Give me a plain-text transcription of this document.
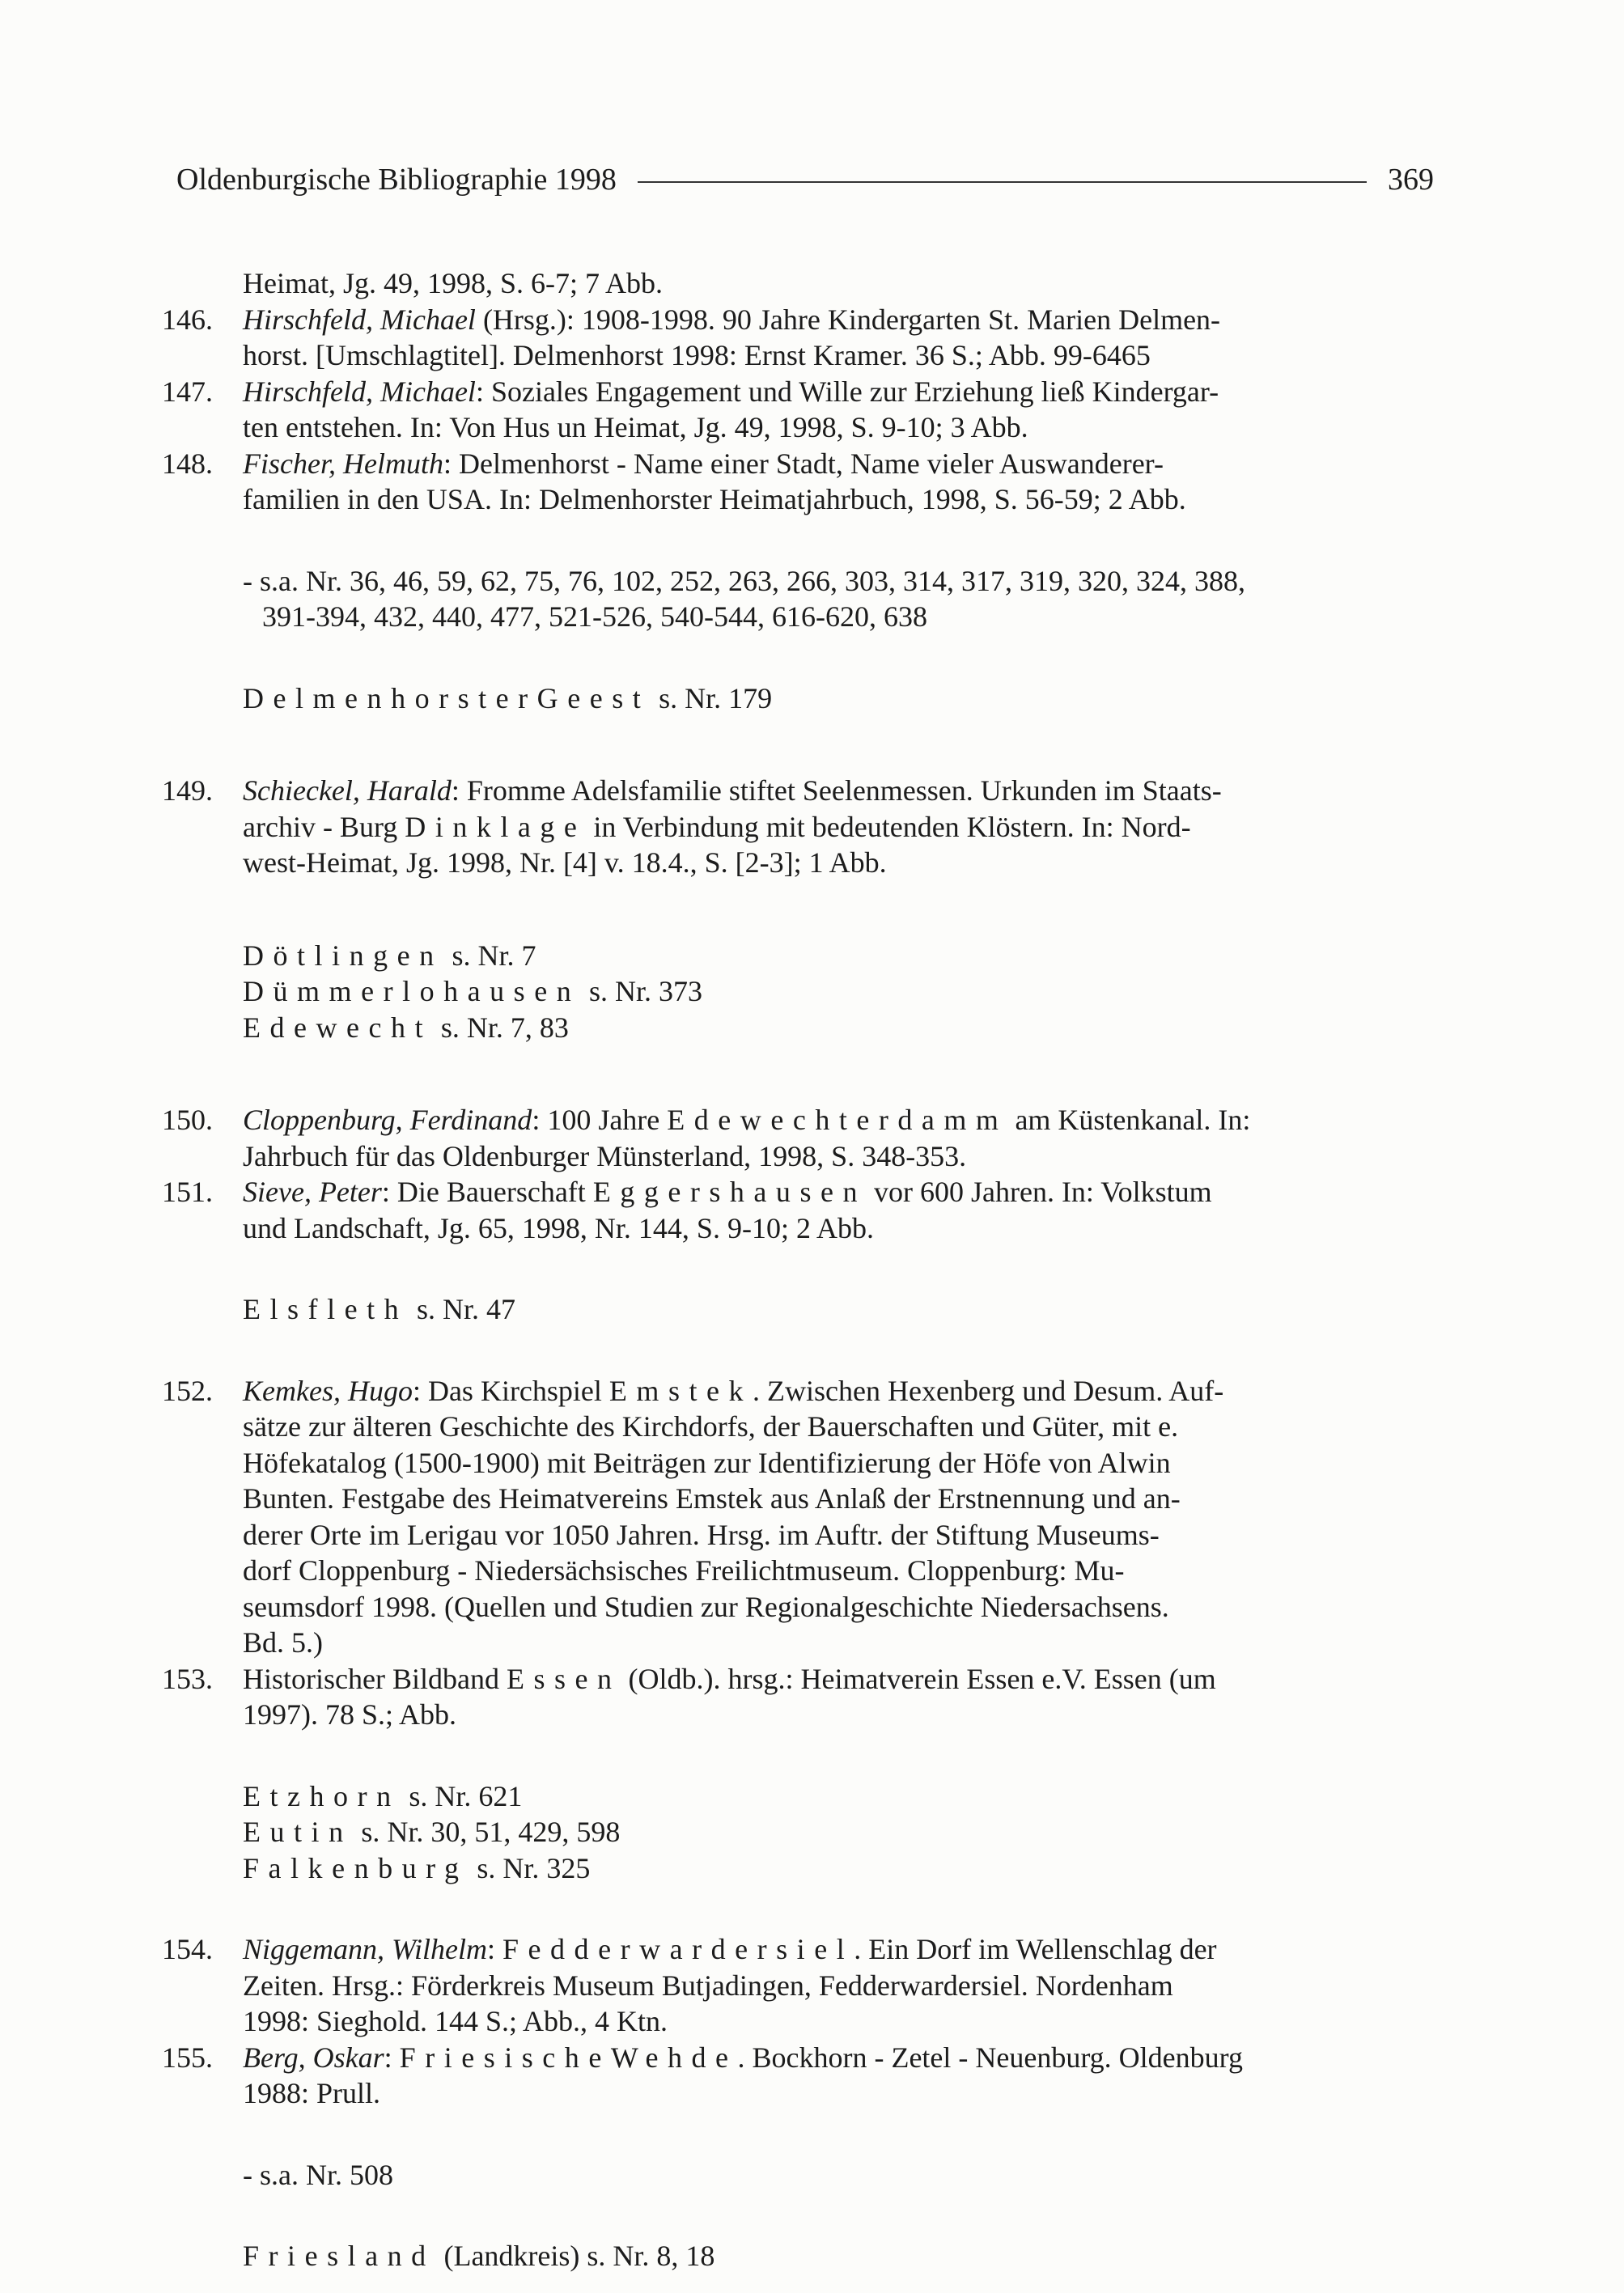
Oldenburgische Bibliographie 1998	369
Heimat, Jg. 49, 1998, S. 6-7; 7 Abb.
146. Hirschfeld, Michael (Hrsg.): 1908-1998. 90 Jahre Kindergarten St. Marien Delmen-
horst. [Umschlagtitel]. Delmenhorst 1998: Ernst Kramer. 36 S.; Abb. 99-6465
147. Hirschfeld, Michael: Soziales Engagement und Wille zur Erziehung ließ Kindergar-
ten entstehen. In: Von Hus un Heimat, Jg. 49, 1998, S. 9-10; 3 Abb.
148. Fischer, Helmuth: Delmenhorst - Name einer Stadt, Name vieler Auswanderer-
familien in den USA. In: Delmenhorster Heimatjahrbuch, 1998, S. 56-59; 2 Abb.
- s.a. Nr. 36, 46, 59, 62, 75, 76, 102, 252, 263, 266, 303, 314, 317, 319, 320, 324, 388,
391-394, 432, 440, 477, 521-526, 540-544, 616-620, 638
DelmenhorsterGeest s. Nr. 179
149. Schieckel, Harald: Fromme Adelsfamilie stiftet Seelenmessen. Urkunden im Staats-
archiv - Burg Dinklage in Verbindung mit bedeutenden Klöstern. In: Nord-
west-Heimat, Jg. 1998, Nr. [4] v. 18.4., S. [2-3]; 1 Abb.
Dötlingen s. Nr. 7
Dümmerlohausen s. Nr. 373
Edewecht s. Nr. 7, 83
150. Cloppenburg, Ferdinand: 100 Jahre Edewechterdamm am Küstenkanal. In:
Jahrbuch für das Oldenburger Münsterland, 1998, S. 348-353.
151. Sieve, Peter: Die Bauerschaft Eggershausen vor 600 Jahren. In: Volkstum
und Landschaft, Jg. 65, 1998, Nr. 144, S. 9-10; 2 Abb.
Elsfleth s. Nr. 47
152. Kemkes, Hugo: Das Kirchspiel Emstek. Zwischen Hexenberg und Desum. Auf-
sätze zur älteren Geschichte des Kirchdorfs, der Bauerschaften und Güter, mit e.
Höfekatalog (1500-1900) mit Beiträgen zur Identifizierung der Höfe von Alwin
Bunten. Festgabe des Heimatvereins Emstek aus Anlaß der Erstnennung und an-
derer Orte im Lerigau vor 1050 Jahren. Hrsg. im Auftr. der Stiftung Museums-
dorf Cloppenburg - Niedersächsisches Freilichtmuseum. Cloppenburg: Mu-
seumsdorf 1998. (Quellen und Studien zur Regionalgeschichte Niedersachsens.
Bd. 5.)
153. Historischer Bildband Essen (Oldb.). hrsg.: Heimatverein Essen e.V. Essen (um
1997). 78 S.; Abb.
Etzhorn s. Nr. 621
Eutin s. Nr. 30, 51, 429, 598
Falkenburg s. Nr. 325
154. Niggemann, Wilhelm: Fedderwardersiel. Ein Dorf im Wellenschlag der
Zeiten. Hrsg.: Förderkreis Museum Butjadingen, Fedderwardersiel. Nordenham
1998: Sieghold. 144 S.; Abb., 4 Ktn.
155. Berg, Oskar: FriesischeWehde. Bockhorn - Zetel - Neuenburg. Oldenburg
1988: Prull.
- s.a. Nr. 508
Friesland (Landkreis) s. Nr. 8, 18
